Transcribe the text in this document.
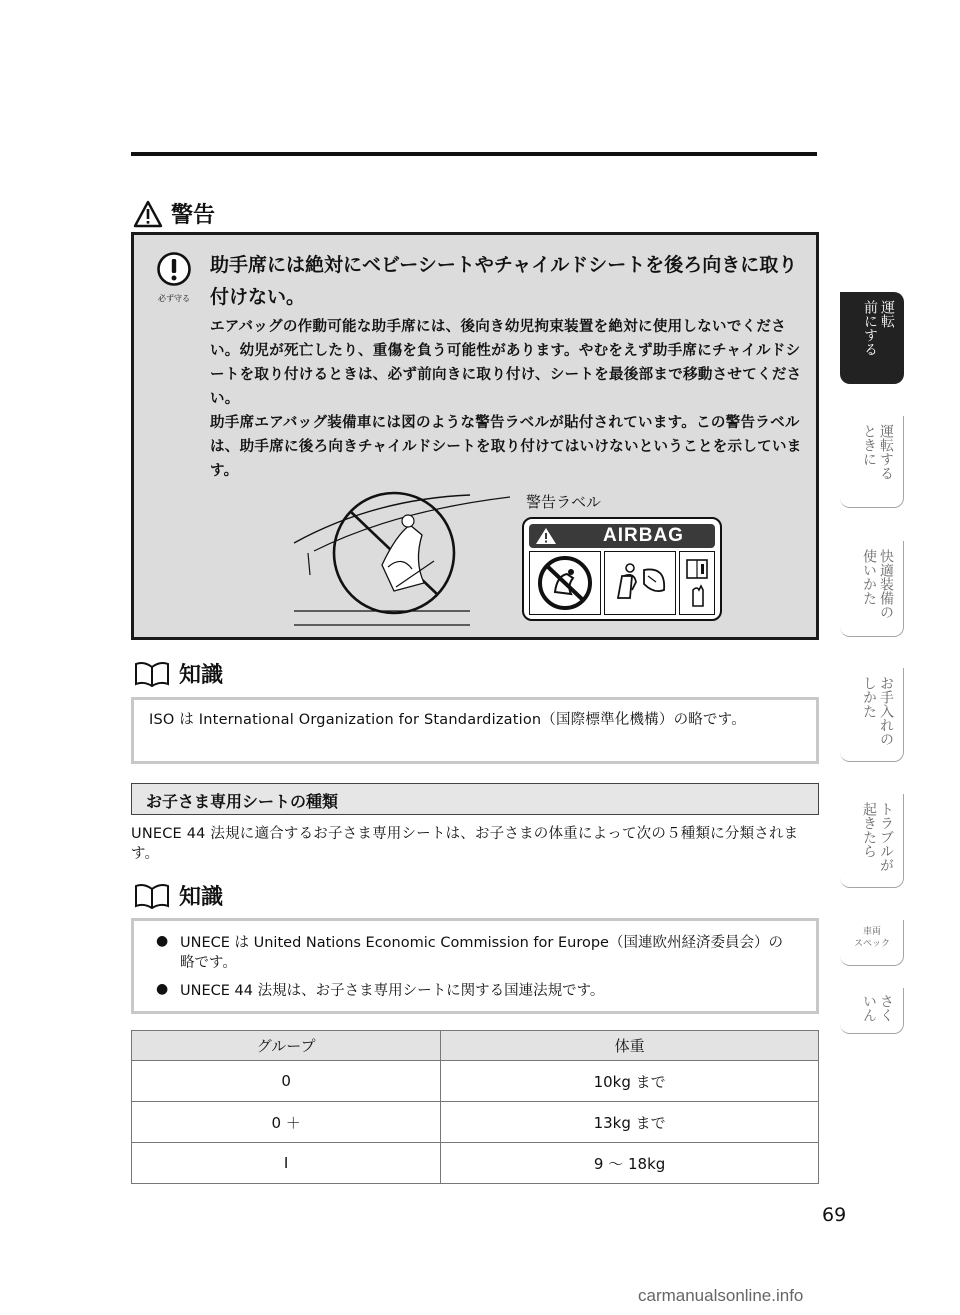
警告
必ず守る
助手席には絶対にベビーシートやチャイルドシートを後ろ向きに取り付けない。

エアバッグの作動可能な助手席には、後向き幼児拘束装置を絶対に使用しないでください。幼児が死亡したり、重傷を負う可能性があります。やむをえず助手席にチャイルドシートを取り付けるときは、必ず前向きに取り付け、シートを最後部まで移動させてください。

助手席エアバッグ装備車には図のような警告ラベルが貼付されています。この警告ラベルは、助手席に後ろ向きチャイルドシートを取り付けてはいけないということを示しています。

警告ラベル
AIRBAG
知識

ISO は International Organization for Standardization（国際標準化機構）の略です。

お子さま専用シートの種類

UNECE 44 法規に適合するお子さま専用シートは、お子さまの体重によって次の５種類に分類されます。

知識
● UNECE は United Nations Economic Commission for Europe（国連欧州経済委員会）の略です。
● UNECE 44 法規は、お子さま専用シートに関する国連法規です。
グループ	体重
0	10kg まで
0 ＋	13kg まで
Ⅰ	9 〜 18kg
69
運転
前にする
運転する
ときに
快適装備の
使いかた
お手入れの
しかた
トラブルが
起きたら
車両
スペック
さく
いん
carmanualsonline.info
